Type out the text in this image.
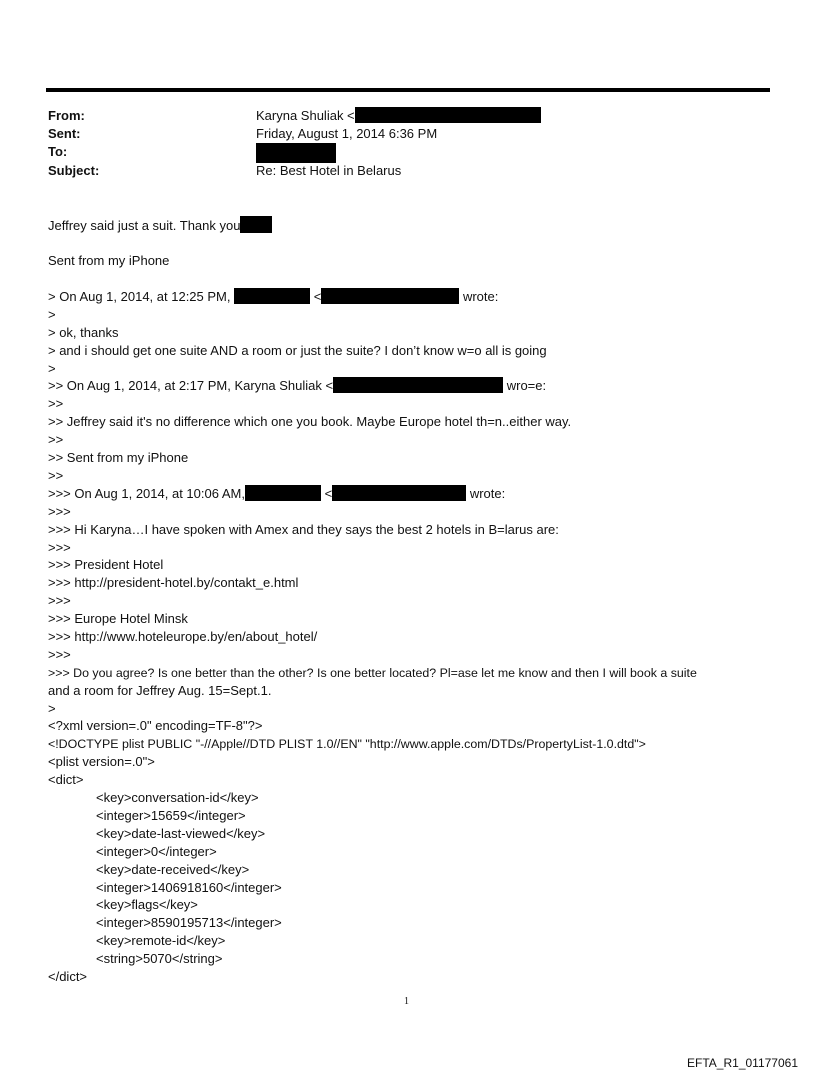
From:	Karyna Shuliak <
Sent:	Friday, August 1, 2014 6:36 PM
To:
Subject:	Re: Best Hotel in Belarus
Jeffrey said just a suit. Thank you
Sent from my iPhone
> On Aug 1, 2014, at 12:25 PM,	<	wrote:
>
> ok, thanks
> and i should get one suite AND a room or just the suite? I don’t know w=o all is going
>
>> On Aug 1, 2014, at 2:17 PM, Karyna Shuliak <	wro=e:
>>
>> Jeffrey said it's no difference which one you book. Maybe Europe hotel th=n..either way.
>>
>> Sent from my iPhone
>>
>>> On Aug 1, 2014, at 10:06 AM,	<	wrote:
>>>
>>> Hi Karyna…I have spoken with Amex and they says the best 2 hotels in B=larus are:
>>>
>>> President Hotel
>>> http://president-hotel.by/contakt_e.html
>>>
>>> Europe Hotel Minsk
>>> http://www.hoteleurope.by/en/about_hotel/
>>>
>>> Do you agree? Is one better than the other? Is one better located? Pl=ase let me know and then I will book a suite
and a room for Jeffrey Aug. 15=Sept.1.
>
<?xml version=.0" encoding=TF-8"?>
<!DOCTYPE plist PUBLIC "-//Apple//DTD PLIST 1.0//EN" "http://www.apple.com/DTDs/PropertyList-1.0.dtd">
<plist version=.0">
<dict>
<key>conversation-id</key>
<integer>15659</integer>
<key>date-last-viewed</key>
<integer>0</integer>
<key>date-received</key>
<integer>1406918160</integer>
<key>flags</key>
<integer>8590195713</integer>
<key>remote-id</key>
<string>5070</string>
</dict>
1
EFTA_R1_01177061
